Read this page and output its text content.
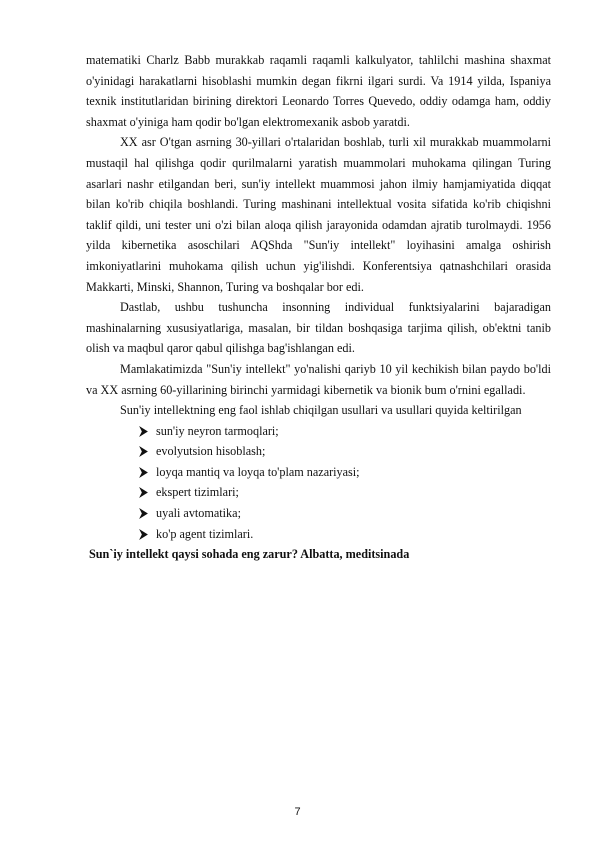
matematiki Charlz Babb murakkab raqamli raqamli kalkulyator, tahlilchi mashina shaxmat o'yinidagi harakatlarni hisoblashi mumkin degan fikrni ilgari surdi. Va 1914 yilda, Ispaniya texnik institutlaridan birining direktori Leonardo Torres Quevedo, oddiy odamga ham, oddiy shaxmat o'yiniga ham qodir bo'lgan elektromexanik asbob yaratdi.

XX asr O'tgan asrning 30-yillari o'rtalaridan boshlab, turli xil murakkab muammolarni mustaqil hal qilishga qodir qurilmalarni yaratish muammolari muhokama qilingan Turing asarlari nashr etilgandan beri, sun'iy intellekt muammosi jahon ilmiy hamjamiyatida diqqat bilan ko'rib chiqila boshlandi. Turing mashinani intellektual vosita sifatida ko'rib chiqishni taklif qildi, uni tester uni o'zi bilan aloqa qilish jarayonida odamdan ajratib turolmaydi. 1956 yilda kibernetika asoschilari AQShda "Sun'iy intellekt" loyihasini amalga oshirish imkoniyatlarini muhokama qilish uchun yig'ilishdi. Konferentsiya qatnashchilari orasida Makkarti, Minski, Shannon, Turing va boshqalar bor edi.

Dastlab, ushbu tushuncha insonning individual funktsiyalarini bajaradigan mashinalarning xususiyatlariga, masalan, bir tildan boshqasiga tarjima qilish, ob'ektni tanib olish va maqbul qaror qabul qilishga bag'ishlangan edi.

Mamlakatimizda "Sun'iy intellekt" yo'nalishi qariyb 10 yil kechikish bilan paydo bo'ldi va XX asrning 60-yillarining birinchi yarmidagi kibernetik va bionik bum o'rnini egalladi.

Sun'iy intellektning eng faol ishlab chiqilgan usullari va usullari quyida keltirilgan

sun'iy neyron tarmoqlari;
evolyutsion hisoblash;
loyqa mantiq va loyqa to'plam nazariyasi;
ekspert tizimlari;
uyali avtomatika;
ko'p agent tizimlari.

Sun`iy intellekt qaysi sohada eng zarur? Albatta, meditsinada

7
